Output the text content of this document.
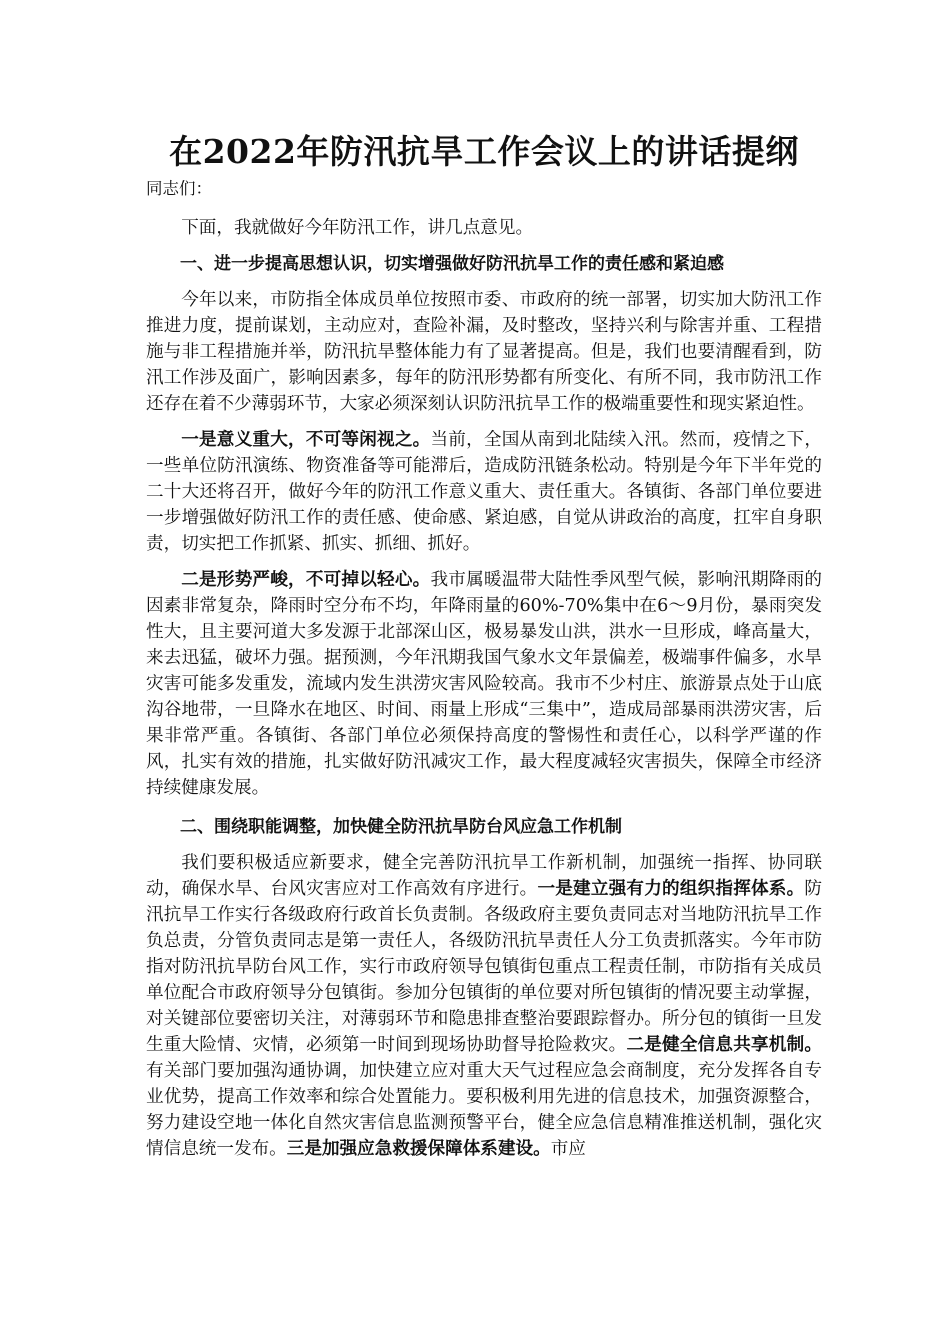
在2022年防汛抗旱工作会议上的讲话提纲

同志们：

下面，我就做好今年防汛工作，讲几点意见。

一、进一步提高思想认识，切实增强做好防汛抗旱工作的责任感和紧迫感

今年以来，市防指全体成员单位按照市委、市政府的统一部署，切实加大防汛工作推进力度，提前谋划，主动应对，查险补漏，及时整改，坚持兴利与除害并重、工程措施与非工程措施并举，防汛抗旱整体能力有了显著提高。但是，我们也要清醒看到，防汛工作涉及面广，影响因素多，每年的防汛形势都有所变化、有所不同，我市防汛工作还存在着不少薄弱环节，大家必须深刻认识防汛抗旱工作的极端重要性和现实紧迫性。

一是意义重大，不可等闲视之。当前，全国从南到北陆续入汛。然而，疫情之下，一些单位防汛演练、物资准备等可能滞后，造成防汛链条松动。特别是今年下半年党的二十大还将召开，做好今年的防汛工作意义重大、责任重大。各镇街、各部门单位要进一步增强做好防汛工作的责任感、使命感、紧迫感，自觉从讲政治的高度，扛牢自身职责，切实把工作抓紧、抓实、抓细、抓好。

二是形势严峻，不可掉以轻心。我市属暖温带大陆性季风型气候，影响汛期降雨的因素非常复杂，降雨时空分布不均，年降雨量的60%-70%集中在6～9月份，暴雨突发性大，且主要河道大多发源于北部深山区，极易暴发山洪，洪水一旦形成，峰高量大，来去迅猛，破坏力强。据预测，今年汛期我国气象水文年景偏差，极端事件偏多，水旱灾害可能多发重发，流域内发生洪涝灾害风险较高。我市不少村庄、旅游景点处于山底沟谷地带，一旦降水在地区、时间、雨量上形成“三集中”，造成局部暴雨洪涝灾害，后果非常严重。各镇街、各部门单位必须保持高度的警惕性和责任心，以科学严谨的作风，扎实有效的措施，扎实做好防汛减灾工作，最大程度减轻灾害损失，保障全市经济持续健康发展。

二、围绕职能调整，加快健全防汛抗旱防台风应急工作机制

我们要积极适应新要求，健全完善防汛抗旱工作新机制，加强统一指挥、协同联动，确保水旱、台风灾害应对工作高效有序进行。一是建立强有力的组织指挥体系。防汛抗旱工作实行各级政府行政首长负责制。各级政府主要负责同志对当地防汛抗旱工作负总责，分管负责同志是第一责任人，各级防汛抗旱责任人分工负责抓落实。今年市防指对防汛抗旱防台风工作，实行市政府领导包镇街包重点工程责任制，市防指有关成员单位配合市政府领导分包镇街。参加分包镇街的单位要对所包镇街的情况要主动掌握，对关键部位要密切关注，对薄弱环节和隐患排查整治要跟踪督办。所分包的镇街一旦发生重大险情、灾情，必须第一时间到现场协助督导抢险救灾。二是健全信息共享机制。有关部门要加强沟通协调，加快建立应对重大天气过程应急会商制度，充分发挥各自专业优势，提高工作效率和综合处置能力。要积极利用先进的信息技术，加强资源整合，努力建设空地一体化自然灾害信息监测预警平台，健全应急信息精准推送机制，强化灾情信息统一发布。三是加强应急救援保障体系建设。市应
